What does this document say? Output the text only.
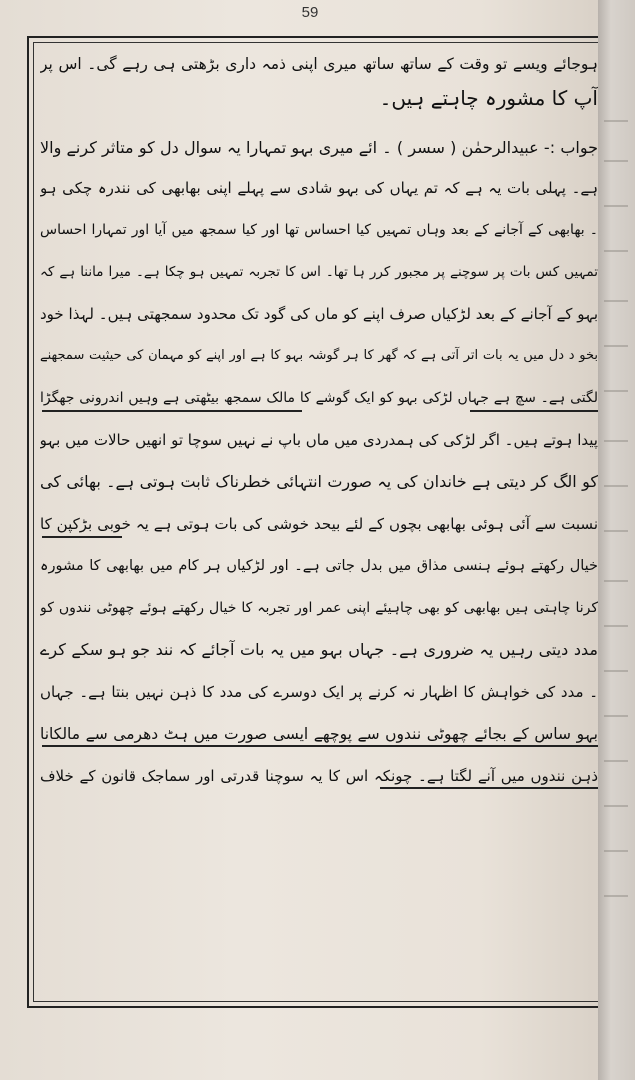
59
ہوجائے ویسے تو وقت کے ساتھ ساتھ میری اپنی ذمہ داری بڑھتی ہی رہے گی۔ اس پر
آپ کا مشورہ چاہتے ہیں۔
جواب :- عبیدالرحمٰن ( سسر ) ۔ ائے میری بہو تمہارا یہ سوال دل کو متاثر کرنے والا
ہے۔ پہلی بات یہ ہے کہ تم یہاں کی بہو شادی سے پہلے اپنی بھابھی کی نندرہ چکی ہو
۔ بھابھی کے آجانے کے بعد وہاں تمہیں کیا احساس تھا اور کیا سمجھ میں آیا اور تمہارا احساس
تمہیں کس بات پر سوچنے پر مجبور کرر ہا تھا۔ اس کا تجربہ تمہیں ہو چکا ہے۔ میرا ماننا ہے کہ
بہو کے آجانے کے بعد لڑکیاں صرف اپنے کو ماں کی گود تک محدود سمجھتی ہیں۔ لہذا خود
بخو د دل میں یہ بات اتر آتی ہے کہ گھر کا ہر گوشہ بہو کا ہے اور اپنے کو مہمان کی حیثیت سمجھنے
لگتی ہے۔ سچ ہے جہاں لڑکی بہو کو ایک گوشے کا مالک سمجھ بیٹھتی ہے وہیں اندرونی جھگڑا
پیدا ہوتے ہیں۔ اگر لڑکی کی ہمدردی میں ماں باپ نے نہیں سوچا تو انھیں حالات میں بہو
کو الگ کر دیتی ہے خاندان کی یہ صورت انتہائی خطرناک ثابت ہوتی ہے۔ بھائی کی
نسبت سے آئی ہوئی بھابھی بچوں کے لئے بیحد خوشی کی بات ہوتی ہے یہ خوبی بڑکپن کا
خیال رکھتے ہوئے ہنسی مذاق میں بدل جاتی ہے۔ اور لڑکیاں ہر کام میں بھابھی کا مشورہ
کرنا چاہتی ہیں بھابھی کو بھی چاہیئے اپنی عمر اور تجربہ کا خیال رکھتے ہوئے چھوٹی نندوں کو
مدد دیتی رہیں یہ ضروری ہے۔ جہاں بہو میں یہ بات آجائے کہ نند جو ہو سکے کرے
۔ مدد کی خواہش کا اظہار نہ کرنے پر ایک دوسرے کی مدد کا ذہن نہیں بنتا ہے۔ جہاں
بہو ساس کے بجائے چھوٹی نندوں سے پوچھے ایسی صورت میں ہٹ دھرمی سے مالکانا
ذہن نندوں میں آنے لگتا ہے۔ چونکہ اس کا یہ سوچنا قدرتی اور سماجک قانون کے خلاف
